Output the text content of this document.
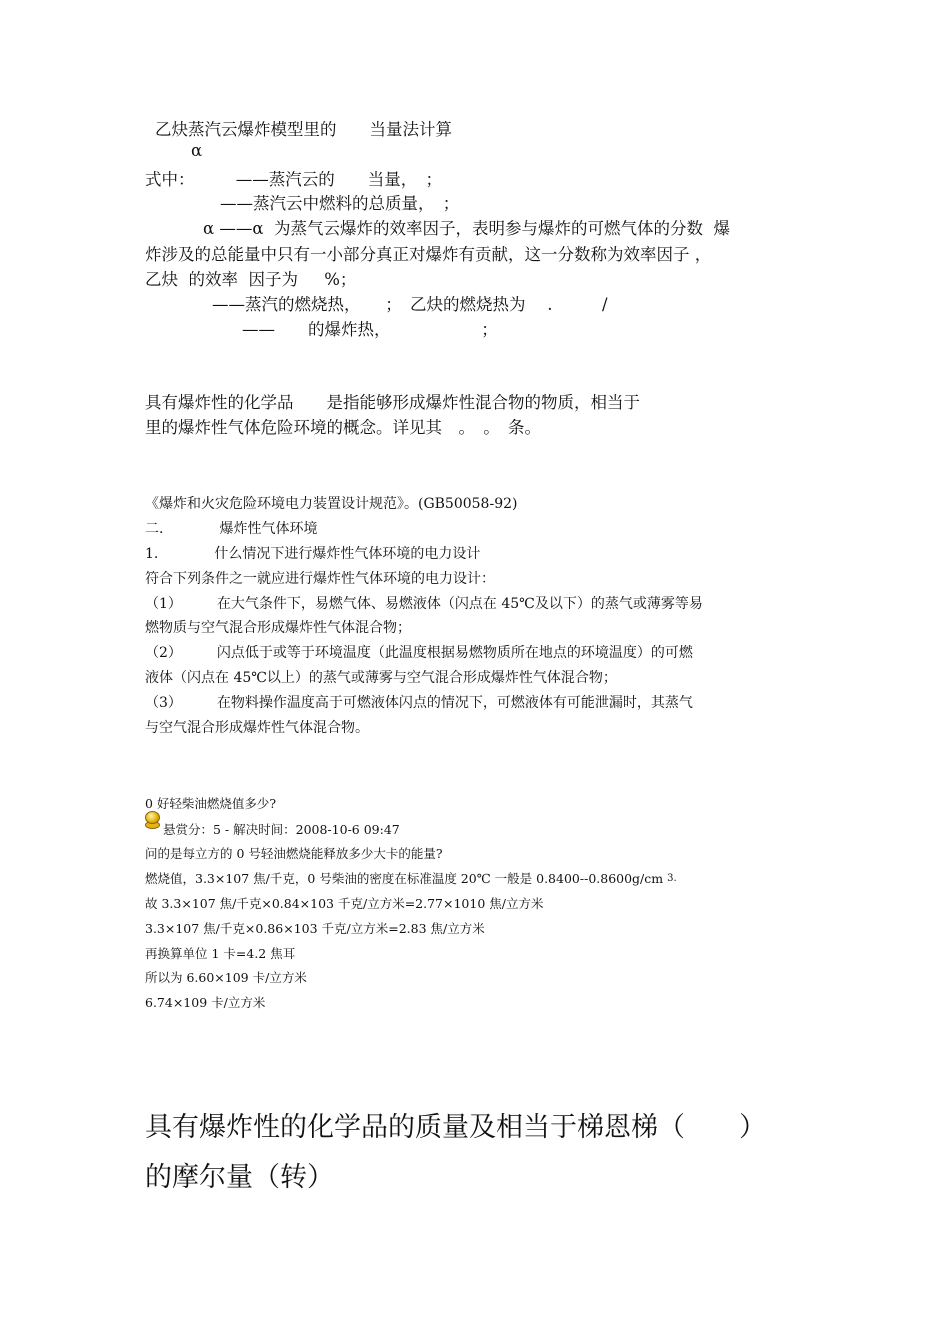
乙炔蒸汽云爆炸模型里的　　当量法计算
α
式中：　　　——蒸汽云的　　当量，　；
——蒸汽云中燃料的总质量，　；
α ——α  为蒸气云爆炸的效率因子，表明参与爆炸的可燃气体的分数  爆
炸涉及的总能量中只有一小部分真正对爆炸有贡献，这一分数称为效率因子 ，
乙炔  的效率  因子为     %；
——蒸汽的燃烧热，　　；　乙炔的燃烧热为　 .　　　/
——　　的爆炸热，　　　　　　；
具有爆炸性的化学品　　是指能够形成爆炸性混合物的物质，相当于
里的爆炸性气体危险环境的概念。详见其　。　。　条。
《爆炸和火灾危险环境电力装置设计规范》。(GB50058-92)
二.　　　　爆炸性气体环境
1.　　　　什么情况下进行爆炸性气体环境的电力设计
符合下列条件之一就应进行爆炸性气体环境的电力设计：
（1）　　　在大气条件下，易燃气体、易燃液体（闪点在 45℃及以下）的蒸气或薄雾等易
燃物质与空气混合形成爆炸性气体混合物；
（2）　　　闪点低于或等于环境温度（此温度根据易燃物质所在地点的环境温度）的可燃
液体（闪点在 45℃以上）的蒸气或薄雾与空气混合形成爆炸性气体混合物；
（3）　　　在物料操作温度高于可燃液体闪点的情况下，可燃液体有可能泄漏时，其蒸气
与空气混合形成爆炸性气体混合物。
0 好轻柴油燃烧值多少?
悬赏分：5 - 解决时间：2008-10-6 09:47
问的是每立方的 0 号轻油燃烧能释放多少大卡的能量?
燃烧值，3.3×107 焦/千克，0 号柴油的密度在标准温度 20℃ 一般是 0.8400--0.8600g/cm 3.
故 3.3×107 焦/千克×0.84×103 千克/立方米=2.77×1010 焦/立方米
3.3×107 焦/千克×0.86×103 千克/立方米=2.83 焦/立方米
再换算单位 1 卡=4.2 焦耳
所以为 6.60×109 卡/立方米
6.74×109 卡/立方米
具有爆炸性的化学品的质量及相当于梯恩梯（　　）
的摩尔量（转）
